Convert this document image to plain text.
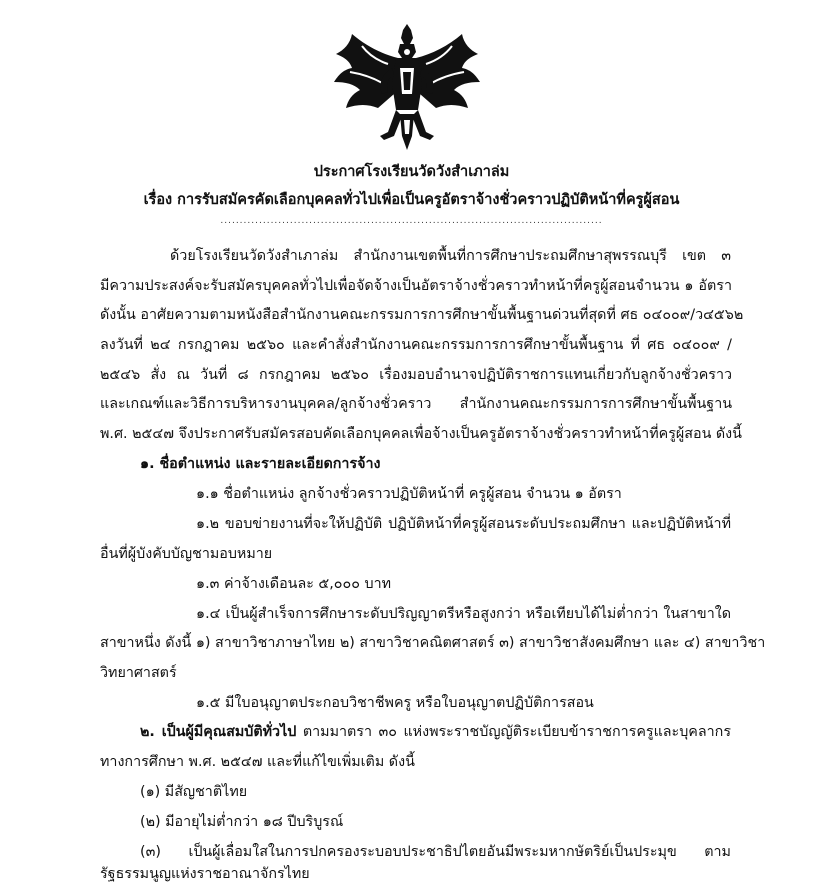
ประกาศโรงเรียนวัดวังสำเภาล่ม
เรื่อง การรับสมัครคัดเลือกบุคคลทั่วไปเพื่อเป็นครูอัตราจ้างชั่วคราวปฏิบัติหน้าที่ครูผู้สอน
...................................................................................................
ด้วยโรงเรียนวัดวังสำเภาล่ม สำนักงานเขตพื้นที่การศึกษาประถมศึกษาสุพรรณบุรี เขต ๓
มีความประสงค์จะรับสมัครบุคคลทั่วไปเพื่อจัดจ้างเป็นอัตราจ้างชั่วคราวทำหน้าที่ครูผู้สอนจำนวน ๑ อัตรา
ดังนั้น อาศัยความตามหนังสือสำนักงานคณะกรรมการการศึกษาขั้นพื้นฐานด่วนที่สุดที่ ศธ ๐๔๐๐๙/ว๔๕๖๒
ลงวันที่ ๒๔ กรกฎาคม ๒๕๖๐ และคำสั่งสำนักงานคณะกรรมการการศึกษาขั้นพื้นฐาน ที่ ศธ ๐๔๐๐๙ /
๒๕๔๖ สั่ง ณ วันที่ ๘ กรกฎาคม ๒๕๖๐ เรื่องมอบอำนาจปฏิบัติราชการแทนเกี่ยวกับลูกจ้างชั่วคราว
และเกณฑ์และวิธีการบริหารงานบุคคล/ลูกจ้างชั่วคราว สำนักงานคณะกรรมการการศึกษาขั้นพื้นฐาน
พ.ศ. ๒๕๔๗ จึงประกาศรับสมัครสอบคัดเลือกบุคคลเพื่อจ้างเป็นครูอัตราจ้างชั่วคราวทำหน้าที่ครูผู้สอน ดังนี้
๑. ชื่อตำแหน่ง และรายละเอียดการจ้าง
๑.๑ ชื่อตำแหน่ง ลูกจ้างชั่วคราวปฏิบัติหน้าที่ ครูผู้สอน จำนวน ๑ อัตรา
๑.๒ ขอบข่ายงานที่จะให้ปฏิบัติ ปฏิบัติหน้าที่ครูผู้สอนระดับประถมศึกษา และปฏิบัติหน้าที่
อื่นที่ผู้บังคับบัญชามอบหมาย
๑.๓ ค่าจ้างเดือนละ ๕,๐๐๐ บาท
๑.๔ เป็นผู้สำเร็จการศึกษาระดับปริญญาตรีหรือสูงกว่า หรือเทียบได้ไม่ต่ำกว่า ในสาขาใด
สาขาหนึ่ง ดังนี้ ๑) สาขาวิชาภาษาไทย ๒) สาขาวิชาคณิตศาสตร์ ๓) สาขาวิชาสังคมศึกษา และ ๔) สาขาวิชา
วิทยาศาสตร์
๑.๕ มีใบอนุญาตประกอบวิชาชีพครู หรือใบอนุญาตปฏิบัติการสอน
๒. เป็นผู้มีคุณสมบัติทั่วไป ตามมาตรา ๓๐ แห่งพระราชบัญญัติระเบียบข้าราชการครูและบุคลากร
ทางการศึกษา พ.ศ. ๒๕๔๗ และที่แก้ไขเพิ่มเติม ดังนี้
(๑) มีสัญชาติไทย
(๒) มีอายุไม่ต่ำกว่า ๑๘ ปีบริบูรณ์
(๓) เป็นผู้เลื่อมใสในการปกครองระบอบประชาธิปไตยอันมีพระมหากษัตริย์เป็นประมุข ตาม
รัฐธรรมนูญแห่งราชอาณาจักรไทย
